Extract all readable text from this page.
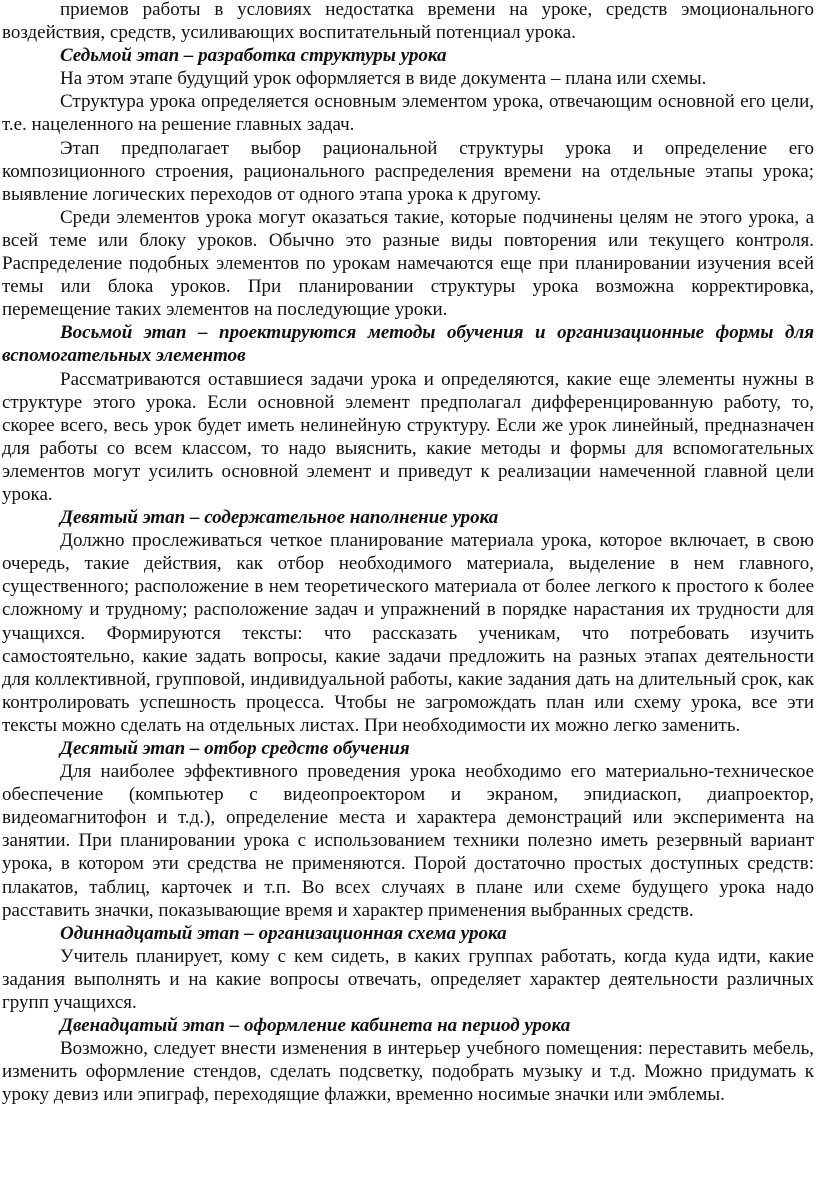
приемов работы в условиях недостатка времени на уроке, средств эмоционального воздействия, средств, усиливающих воспитательный потенциал урока.

Седьмой этап – разработка структуры урока

На этом этапе будущий урок оформляется в виде документа – плана или схемы.

Структура урока определяется основным элементом урока, отвечающим основной его цели, т.е. нацеленного на решение главных задач.

Этап предполагает выбор рациональной структуры урока и определение его композиционного строения, рационального распределения времени на отдельные этапы урока; выявление логических переходов от одного этапа урока к другому.

Среди элементов урока могут оказаться такие, которые подчинены целям не этого урока, а всей теме или блоку уроков. Обычно это разные виды повторения или текущего контроля. Распределение подобных элементов по урокам намечаются еще при планировании изучения всей темы или блока уроков. При планировании структуры урока возможна корректировка, перемещение таких элементов на последующие уроки.

Восьмой этап – проектируются методы обучения и организационные формы для вспомогательных элементов

Рассматриваются оставшиеся задачи урока и определяются, какие еще элементы нужны в структуре этого урока. Если основной элемент предполагал дифференцированную работу, то, скорее всего, весь урок будет иметь нелинейную структуру. Если же урок линейный, предназначен для работы со всем классом, то надо выяснить, какие методы и формы для вспомогательных элементов могут усилить основной элемент и приведут к реализации намеченной главной цели урока.

Девятый этап – содержательное наполнение урока

Должно прослеживаться четкое планирование материала урока, которое включает, в свою очередь, такие действия, как отбор необходимого материала, выделение в нем главного, существенного; расположение в нем теоретического материала от более легкого к простого к более сложному и трудному; расположение задач и упражнений в порядке нарастания их трудности для учащихся. Формируются тексты: что рассказать ученикам, что потребовать изучить самостоятельно, какие задать вопросы, какие задачи предложить на разных этапах деятельности для коллективной, групповой, индивидуальной работы, какие задания дать на длительный срок, как контролировать успешность процесса. Чтобы не загромождать план или схему урока, все эти тексты можно сделать на отдельных листах. При необходимости их можно легко заменить.

Десятый этап – отбор средств обучения

Для наиболее эффективного проведения урока необходимо его материально-техническое обеспечение (компьютер с видеопроектором и экраном, эпидиаскоп, диапроектор, видеомагнитофон и т.д.), определение места и характера демонстраций или эксперимента на занятии. При планировании урока с использованием техники полезно иметь резервный вариант урока, в котором эти средства не применяются. Порой достаточно простых доступных средств: плакатов, таблиц, карточек и т.п. Во всех случаях в плане или схеме будущего урока надо расставить значки, показывающие время и характер применения выбранных средств.

Одиннадцатый этап – организационная схема урока

Учитель планирует, кому с кем сидеть, в каких группах работать, когда куда идти, какие задания выполнять и на какие вопросы отвечать, определяет характер деятельности различных групп учащихся.

Двенадцатый этап – оформление кабинета на период урока

Возможно, следует внести изменения в интерьер учебного помещения: переставить мебель, изменить оформление стендов, сделать подсветку, подобрать музыку и т.д. Можно придумать к уроку девиз или эпиграф, переходящие флажки, временно носимые значки или эмблемы.
